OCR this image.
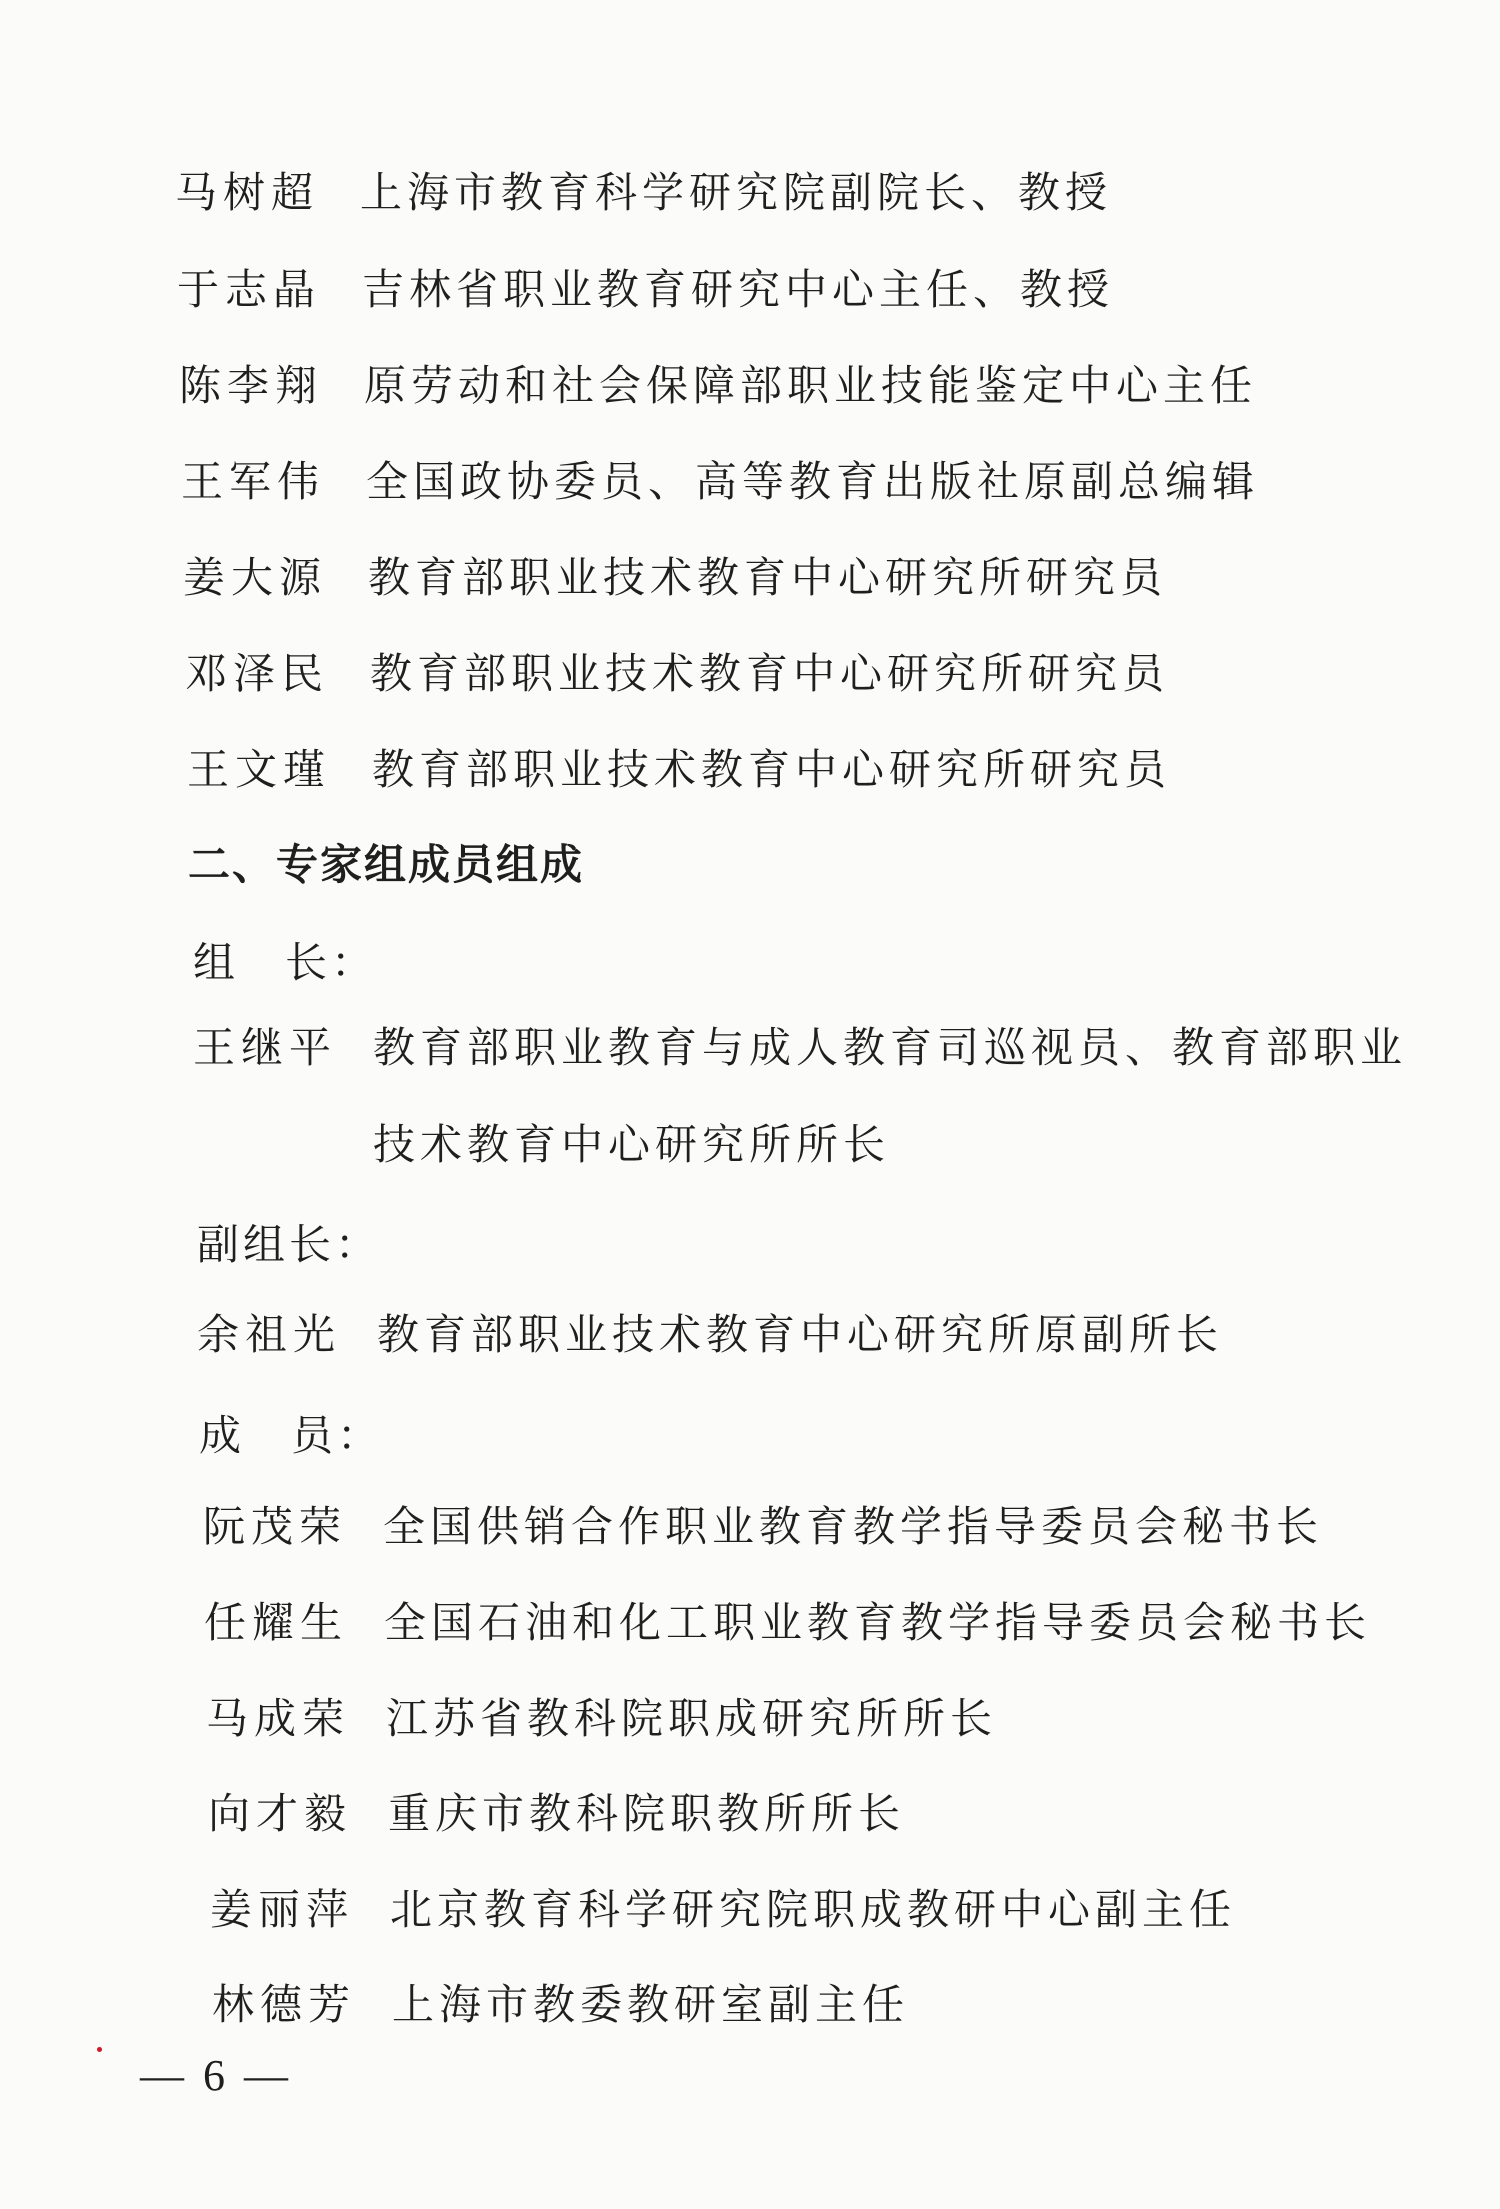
马树超 上海市教育科学研究院副院长、教授
于志晶 吉林省职业教育研究中心主任、教授
陈李翔 原劳动和社会保障部职业技能鉴定中心主任
王军伟 全国政协委员、高等教育出版社原副总编辑
姜大源 教育部职业技术教育中心研究所研究员
邓泽民 教育部职业技术教育中心研究所研究员
王文瑾 教育部职业技术教育中心研究所研究员
二、专家组成员组成
组　长：
王继平 教育部职业教育与成人教育司巡视员、教育部职业
技术教育中心研究所所长
副组长：
余祖光 教育部职业技术教育中心研究所原副所长
成　员：
阮茂荣 全国供销合作职业教育教学指导委员会秘书长
任耀生 全国石油和化工职业教育教学指导委员会秘书长
马成荣 江苏省教科院职成研究所所长
向才毅 重庆市教科院职教所所长
姜丽萍 北京教育科学研究院职成教研中心副主任
林德芳 上海市教委教研室副主任
— 6 —
